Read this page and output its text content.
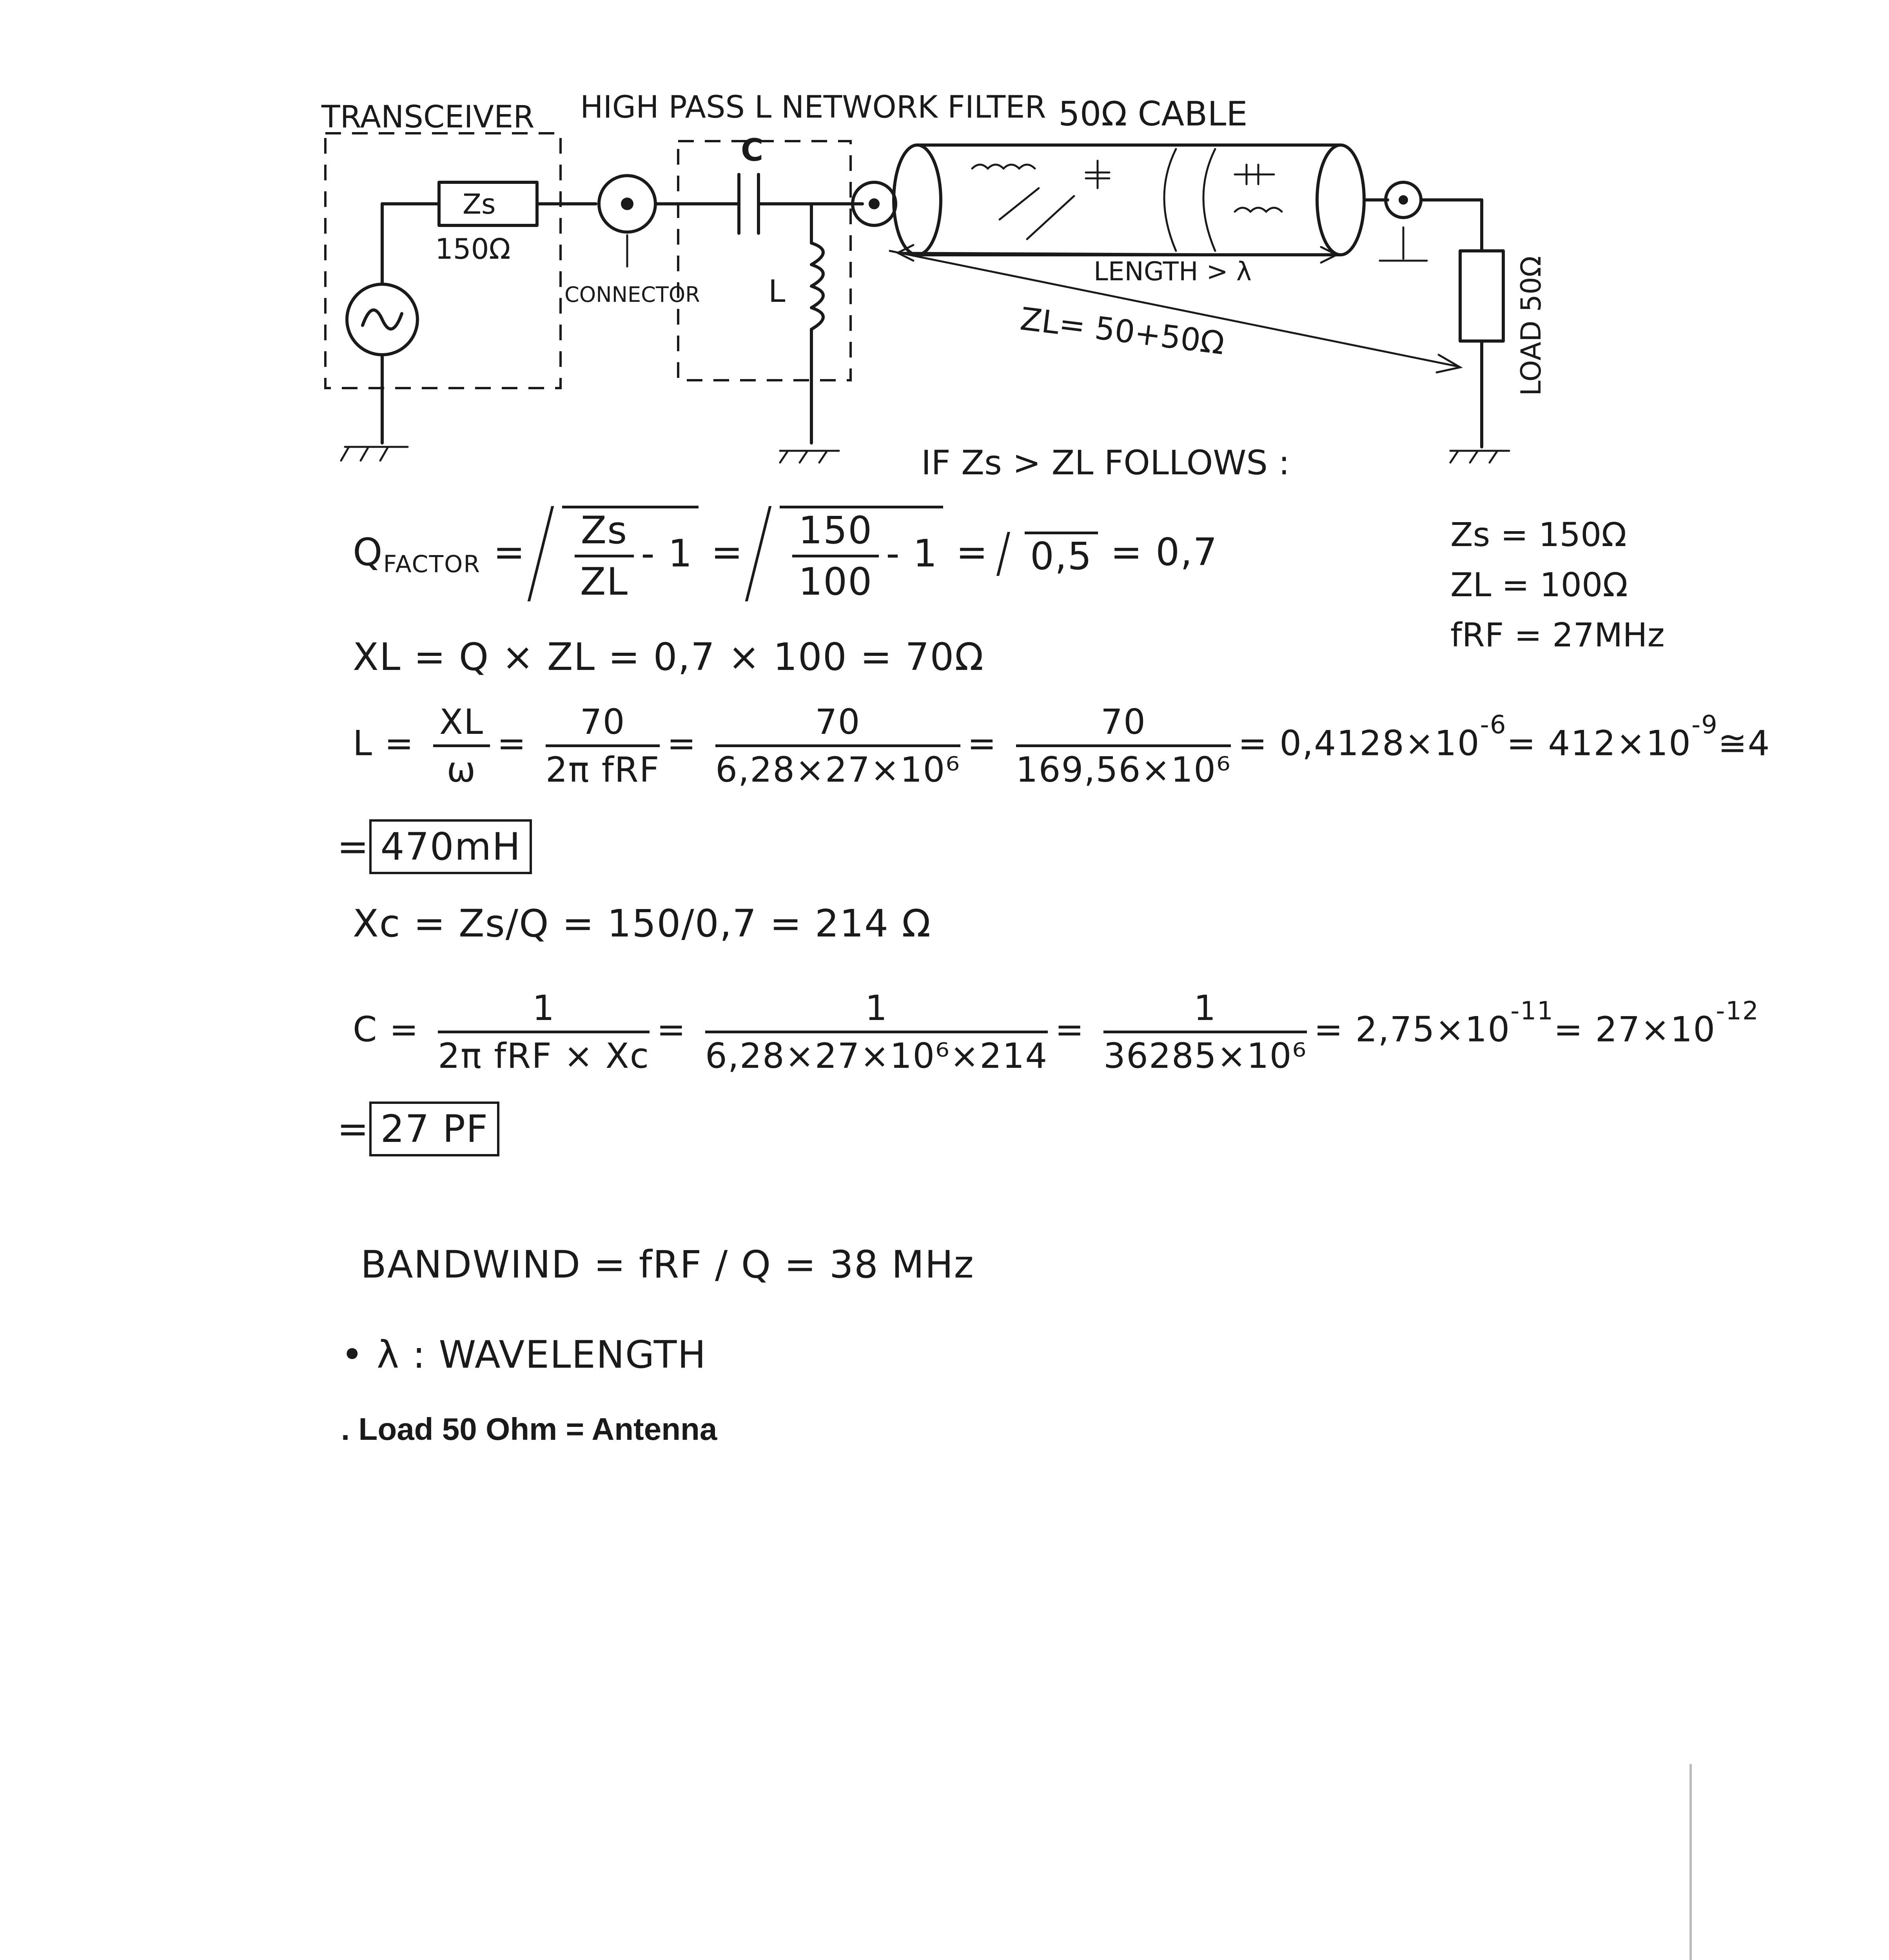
TRANSCEIVER HIGH PASS L NETWORK FILTER 50Ω CABLE
Zs
150Ω
CONNECTOR
C
L
LENGTH > λ
ZL= 50+50Ω	LOAD 50Ω
IF Zs > ZL FOLLOWS :
Zs = 150Ω
ZL = 100Ω
fRF = 27MHz
$Q_{FACTOR} = \frac{Zs}{ZL} - 1 = \frac{150}{100} - 1 = 0,5 = 0,7$
XL = Q × ZL = 0,7 × 100 = 70Ω
$L = \frac{XL}{\omega} = \frac{70}{\text{2π fRF}} = \frac{70}{\text{6,28×27×10⁶}} = \frac{70}{\text{169,56×10⁶}} = 0,4128\times 10^{-6}=$ $412\times 10^{-9}≅4$
= 470mH
Xc = Zs/Q = 150/0,7 = 214 Ω
$C = \frac{1}{\text{2π fRF × Xc}} = \frac{1}{\text{6,28×27×10⁶×214}} = \frac{1}{\text{36285×10⁶}} = 2,75\times 10^{-11}= 27\times 10^{-12}$
= 27 PF
BANDWIND = fRF / Q = 38 MHz
• λ : WAVELENGTH
. Load 50 Ohm = Antenna
